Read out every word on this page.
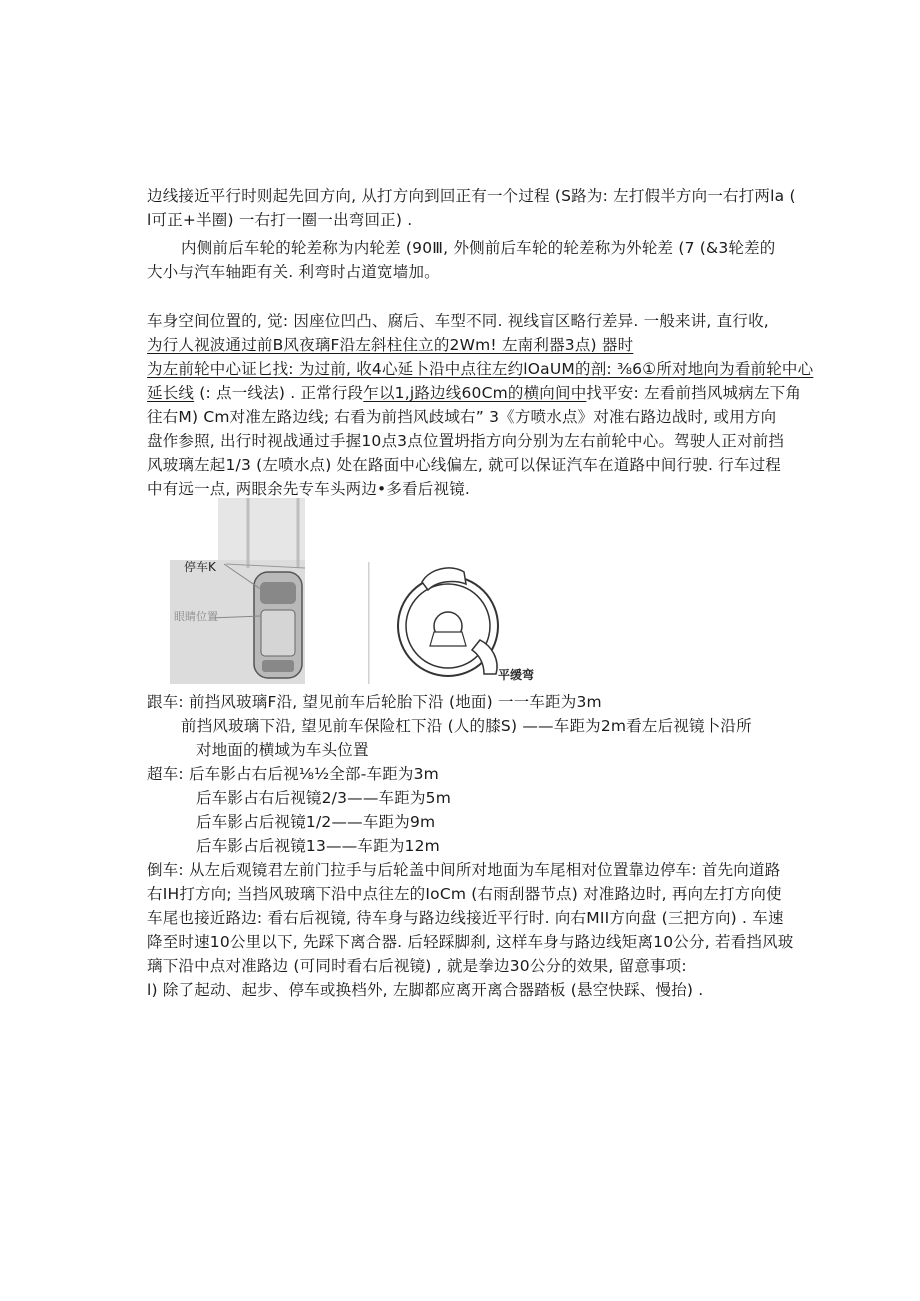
边线接近平行时则起先回方向, 从打方向到回正有一个过程 (S路为: 左打假半方向一右打两la (
l可正+半圈) 一右打一圈一出弯回正) .
内侧前后车轮的轮差称为内轮差 (90Ⅲ, 外侧前后车轮的轮差称为外轮差 (7 (&3轮差的
大小与汽车轴距有关. 利弯时占道宽墙加。
车身空间位置的, 觉: 因座位凹凸、腐后、车型不同. 视线盲区略行差异. 一般来讲, 直行收,
为行人视波通过前B风夜璃F沿左斜柱住立的2Wm! 左南利器3点) 器时
为左前轮中心证匕找: 为过前, 收4心延卜沿中点往左约lOaUM的剖: ⅜6①所对地向为看前轮中心
延长线 (: 点一线法) . 正常行段乍以1,j路边线60Cm的横向间中找平安: 左看前挡风城病左下角
往右M) Cm对准左路边线; 右看为前挡风歧域右” 3《方喷水点》对准右路边战时, 或用方向
盘作参照, 出行时视战通过手握10点3点位置坍指方向分别为左右前轮中心。驾驶人正对前挡
风玻璃左起1/3 (左喷水点) 处在路面中心线偏左, 就可以保证汽车在道路中间行驶. 行车过程
中有远一点, 两眼余先专车头两边•多看后视镜.
停车K
眼睛位置
平缓弯
跟车: 前挡风玻璃F沿, 望见前车后轮胎下沿 (地面) 一一车距为3m
前挡风玻璃下沿, 望见前车保险杠下沿 (人的膝S) ——车距为2m看左后视镜卜沿所
对地面的横域为车头位置
超车: 后车影占右后视⅛½全部-车距为3m
后车影占右后视镜2/3——车距为5m
后车影占后视镜1/2——车距为9m
后车影占后视镜13——车距为12m
倒车: 从左后观镜君左前门拉手与后轮盖中间所对地面为车尾相对位置靠边停车: 首先向道路
右IH打方向; 当挡风玻璃下沿中点往左的IoCm (右雨刮器节点) 对准路边时, 再向左打方向使
车尾也接近路边: 看右后视镜, 待车身与路边线接近平行时. 向右MII方向盘 (三把方向) . 车速
降至时速10公里以下, 先踩下离合器. 后轻踩脚刹, 这样车身与路边线矩离10公分, 若看挡风玻
璃下沿中点对准路边 (可同时看右后视镜) , 就是拳边30公分的效果, 留意事项:
l) 除了起动、起步、停车或换档外, 左脚都应离开离合器踏板 (悬空快踩、慢抬) .
